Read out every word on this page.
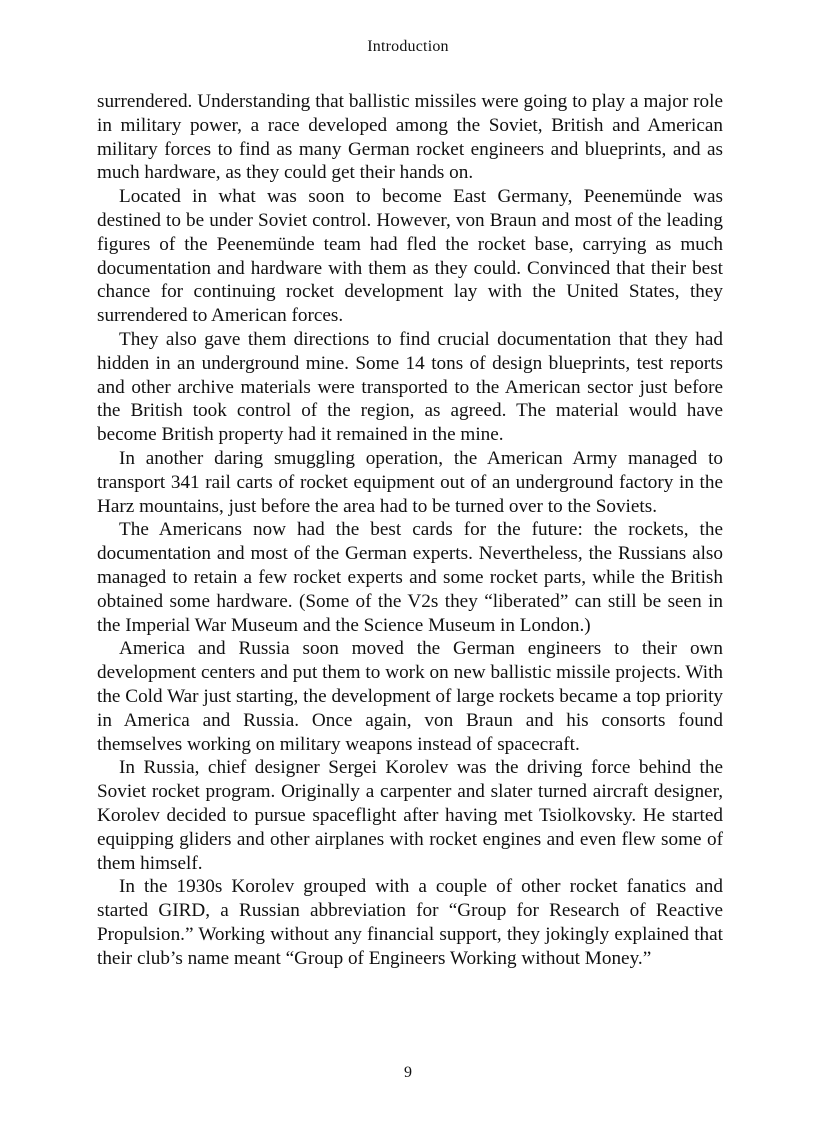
Introduction

surrendered. Understanding that ballistic missiles were going to play a major role in military power, a race developed among the Soviet, British and American military forces to find as many German rocket engineers and blueprints, and as much hardware, as they could get their hands on.

Located in what was soon to become East Germany, Peenemünde was destined to be under Soviet control. However, von Braun and most of the leading figures of the Peenemünde team had fled the rocket base, carrying as much documentation and hardware with them as they could. Convinced that their best chance for continuing rocket development lay with the United States, they surrendered to American forces.

They also gave them directions to find crucial documentation that they had hidden in an underground mine. Some 14 tons of design blueprints, test reports and other archive materials were transported to the American sector just before the British took control of the region, as agreed. The material would have become British property had it remained in the mine.

In another daring smuggling operation, the American Army managed to transport 341 rail carts of rocket equipment out of an underground factory in the Harz mountains, just before the area had to be turned over to the Soviets.

The Americans now had the best cards for the future: the rockets, the documentation and most of the German experts. Nevertheless, the Russians also managed to retain a few rocket experts and some rocket parts, while the British obtained some hardware. (Some of the V2s they “liberated” can still be seen in the Imperial War Museum and the Science Museum in London.)

America and Russia soon moved the German engineers to their own development centers and put them to work on new ballistic missile projects. With the Cold War just starting, the development of large rockets became a top priority in America and Russia. Once again, von Braun and his consorts found themselves working on military weapons instead of spacecraft.

In Russia, chief designer Sergei Korolev was the driving force behind the Soviet rocket program. Originally a carpenter and slater turned aircraft designer, Korolev decided to pursue spaceflight after having met Tsiolkovsky. He started equipping gliders and other airplanes with rocket engines and even flew some of them himself.

In the 1930s Korolev grouped with a couple of other rocket fanatics and started GIRD, a Russian abbreviation for “Group for Research of Reactive Propulsion.” Working without any financial support, they jokingly explained that their club’s name meant “Group of Engineers Working without Money.”

9
